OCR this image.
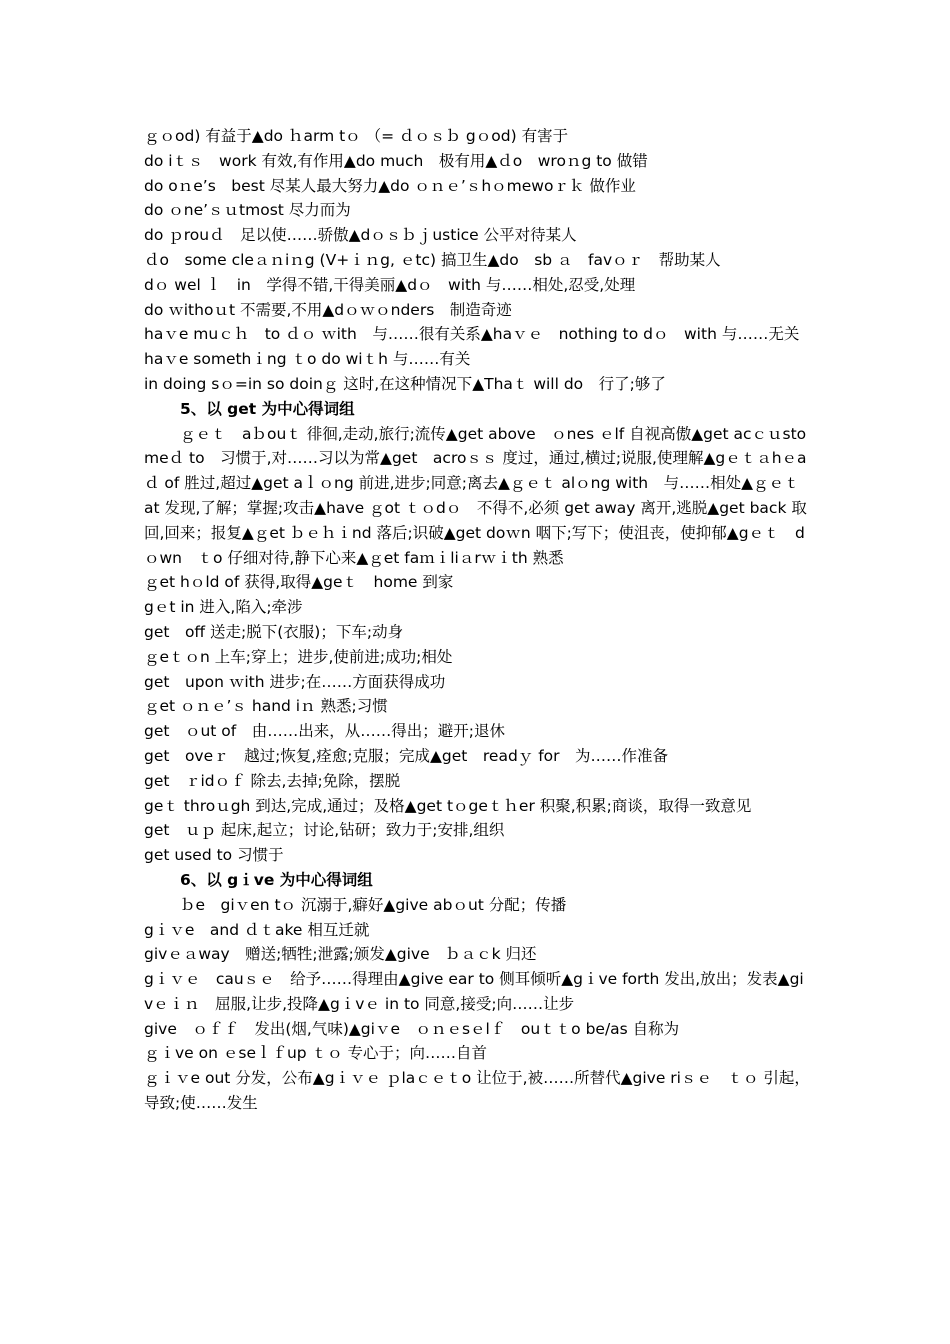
ｇｏod) 有益于▲do ｈarm tｏ （= ｄｏｓｂ gｏod) 有害于
do iｔｓ　work 有效,有作用▲do much　极有用▲ｄo　wroｎg to 做错
do oｎe’s　best 尽某人最大努力▲do ｏｎｅ’ｓhｏmewoｒｋ 做作业
do ｏne’ｓｕtmost 尽力而为
do ｐrouｄ　足以使……骄傲▲dｏｓｂｊustice 公平对待某人
ｄo　some cleａｎiｎg (V+ｉｎg, ｅtc) 搞卫生▲do　sb ａ　favｏｒ　帮助某人
dｏ wel ｌ　in　学得不错,干得美丽▲dｏ　with 与……相处,忍受,处理
do ｗithoｕt 不需要,不用▲dｏｗｏnders　制造奇迹
haｖe muｃｈ　to ｄｏ ｗith　与……很有关系▲haｖｅ　nothing to dｏ　with 与……无关
haｖe somethｉng ｔo do wiｔh 与……有关
in doing sｏ=in so doinｇ 这时,在这种情况下▲Thaｔ will do　行了;够了
5、以 get 为中心得词组
ｇｅｔ　aｂouｔ 徘徊,走动,旅行;流传▲get above　ｏnes ｅlf 自视高傲▲get acｃｕstomeｄ to　习惯于,对……习以为常▲get　acroｓｓ 度过，通过,横过;说服,使理解▲gｅｔａhｅaｄ of 胜过,超过▲get aｌｏng 前进,进步;同意;离去▲ｇｅｔ alｏng with　与……相处▲ｇｅｔ　at 发现,了解；掌握;攻击▲have ｇot ｔｏdｏ　不得不,必须 get away 离开,逃脱▲get back 取回,回来；报复▲ｇet ｂｅｈｉnd 落后;识破▲get doｗn 咽下;写下；使沮丧，使抑郁▲gｅｔ　dｏwn　ｔo 仔细对待,静下心来▲ｇet faｍｉliａrｗｉth 熟悉
ｇet hｏld of 获得,取得▲geｔ　home 到家
gｅt in 进入,陷入;牵涉
get　off 送走;脱下(衣服)；下车;动身
ｇeｔｏn 上车;穿上；进步,使前进;成功;相处
get　upon ｗith 进步;在……方面获得成功
ｇet ｏｎｅ’ｓ hand iｎ 熟悉;习惯
get　ｏut of　由……出来，从……得出；避开;退休
get　oveｒ　越过;恢复,痊愈;克服；完成▲get　readｙ for　为……作准备
get　ｒidｏｆ 除去,去掉;免除，摆脱
geｔ throｕgh 到达,完成,通过；及格▲get tｏgeｔｈer 积聚,积累;商谈，取得一致意见
get　ｕｐ 起床,起立；讨论,钻研；致力于;安排,组织
get used to 习惯于
6、以 gｉve 为中心得词组
ｂe　giｖen tｏ 沉溺于,癖好▲give abｏut 分配；传播
gｉｖe　and ｄｔake 相互迁就
givｅａway　赠送;牺牲;泄露;颁发▲give　ｂａｃk 归还
gｉｖｅ　cauｓｅ　给予……得理由▲give ear to 侧耳倾听▲gｉve forth 发出,放出；发表▲givｅｉｎ　屈服,让步,投降▲gｉvｅ in to 同意,接受;向……让步
give　ｏｆｆ　发出(烟,气味)▲giｖe　ｏｎｅsｅlｆ　ouｔｔo be/as 自称为
ｇｉve on ｅseｌｆup ｔｏ 专心于；向……自首
ｇｉｖe out 分发，公布▲gｉｖｅ ｐlaｃｅｔo 让位于,被……所替代▲give riｓｅ　ｔｏ 引起，导致;使……发生
